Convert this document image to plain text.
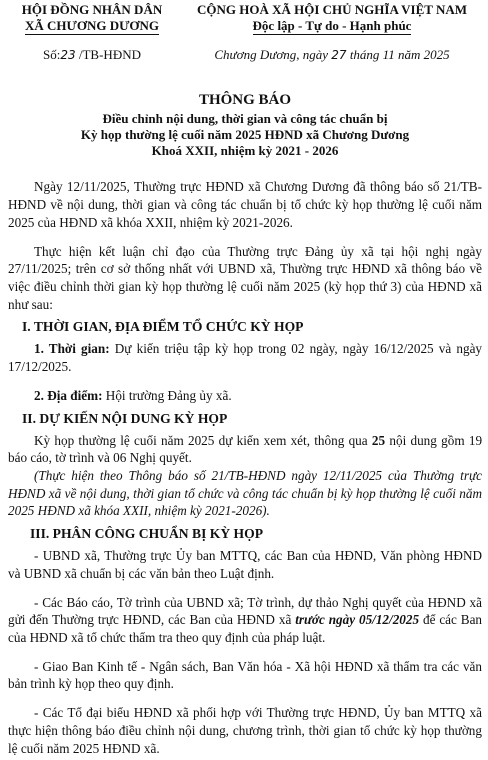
HỘI ĐỒNG NHÂN DÂN
XÃ CHƯƠNG DƯƠNG
CỘNG HOÀ XÃ HỘI CHỦ NGHĨA VIỆT NAM
Độc lập - Tự do - Hạnh phúc
Số:23 /TB-HĐND	Chương Dương, ngày 27 tháng 11 năm 2025
THÔNG BÁO
Điều chỉnh nội dung, thời gian và công tác chuẩn bị
Kỳ họp thường lệ cuối năm 2025 HĐND xã Chương Dương
Khoá XXII, nhiệm kỳ 2021 - 2026

Ngày 12/11/2025, Thường trực HĐND xã Chương Dương đã thông báo số 21/TB-HĐND về nội dung, thời gian và công tác chuẩn bị tổ chức kỳ họp thường lệ cuối năm 2025 của HĐND xã khóa XXII, nhiệm kỳ 2021-2026.

Thực hiện kết luận chỉ đạo của Thường trực Đảng ủy xã tại hội nghị ngày 27/11/2025; trên cơ sở thống nhất với UBND xã, Thường trực HĐND xã thông báo về việc điều chỉnh thời gian kỳ họp thường lệ cuối năm 2025 (kỳ họp thứ 3) của HĐND xã như sau:

I. THỜI GIAN, ĐỊA ĐIỂM TỔ CHỨC KỲ HỌP

1. Thời gian: Dự kiến triệu tập kỳ họp trong 02 ngày, ngày 16/12/2025 và ngày 17/12/2025.

2. Địa điểm: Hội trường Đảng ủy xã.

II. DỰ KIẾN NỘI DUNG KỲ HỌP

Kỳ họp thường lệ cuối năm 2025 dự kiến xem xét, thông qua 25 nội dung gồm 19 báo cáo, tờ trình và 06 Nghị quyết.

(Thực hiện theo Thông báo số 21/TB-HĐND ngày 12/11/2025 của Thường trực HĐND xã về nội dung, thời gian tổ chức và công tác chuẩn bị kỳ họp thường lệ cuối năm 2025 HĐND xã khóa XXII, nhiệm kỳ 2021-2026).

III. PHÂN CÔNG CHUẨN BỊ KỲ HỌP

- UBND xã, Thường trực Ủy ban MTTQ, các Ban của HĐND, Văn phòng HĐND và UBND xã chuẩn bị các văn bản theo Luật định.

- Các Báo cáo, Tờ trình của UBND xã; Tờ trình, dự thảo Nghị quyết của HĐND xã gửi đến Thường trực HĐND, các Ban của HĐND xã trước ngày 05/12/2025 để các Ban của HĐND xã tổ chức thẩm tra theo quy định của pháp luật.

- Giao Ban Kinh tế - Ngân sách, Ban Văn hóa - Xã hội HĐND xã thẩm tra các văn bản trình kỳ họp theo quy định.

- Các Tổ đại biểu HĐND xã phối hợp với Thường trực HĐND, Ủy ban MTTQ xã thực hiện thông báo điều chỉnh nội dung, chương trình, thời gian tổ chức kỳ họp thường lệ cuối năm 2025 HĐND xã.
